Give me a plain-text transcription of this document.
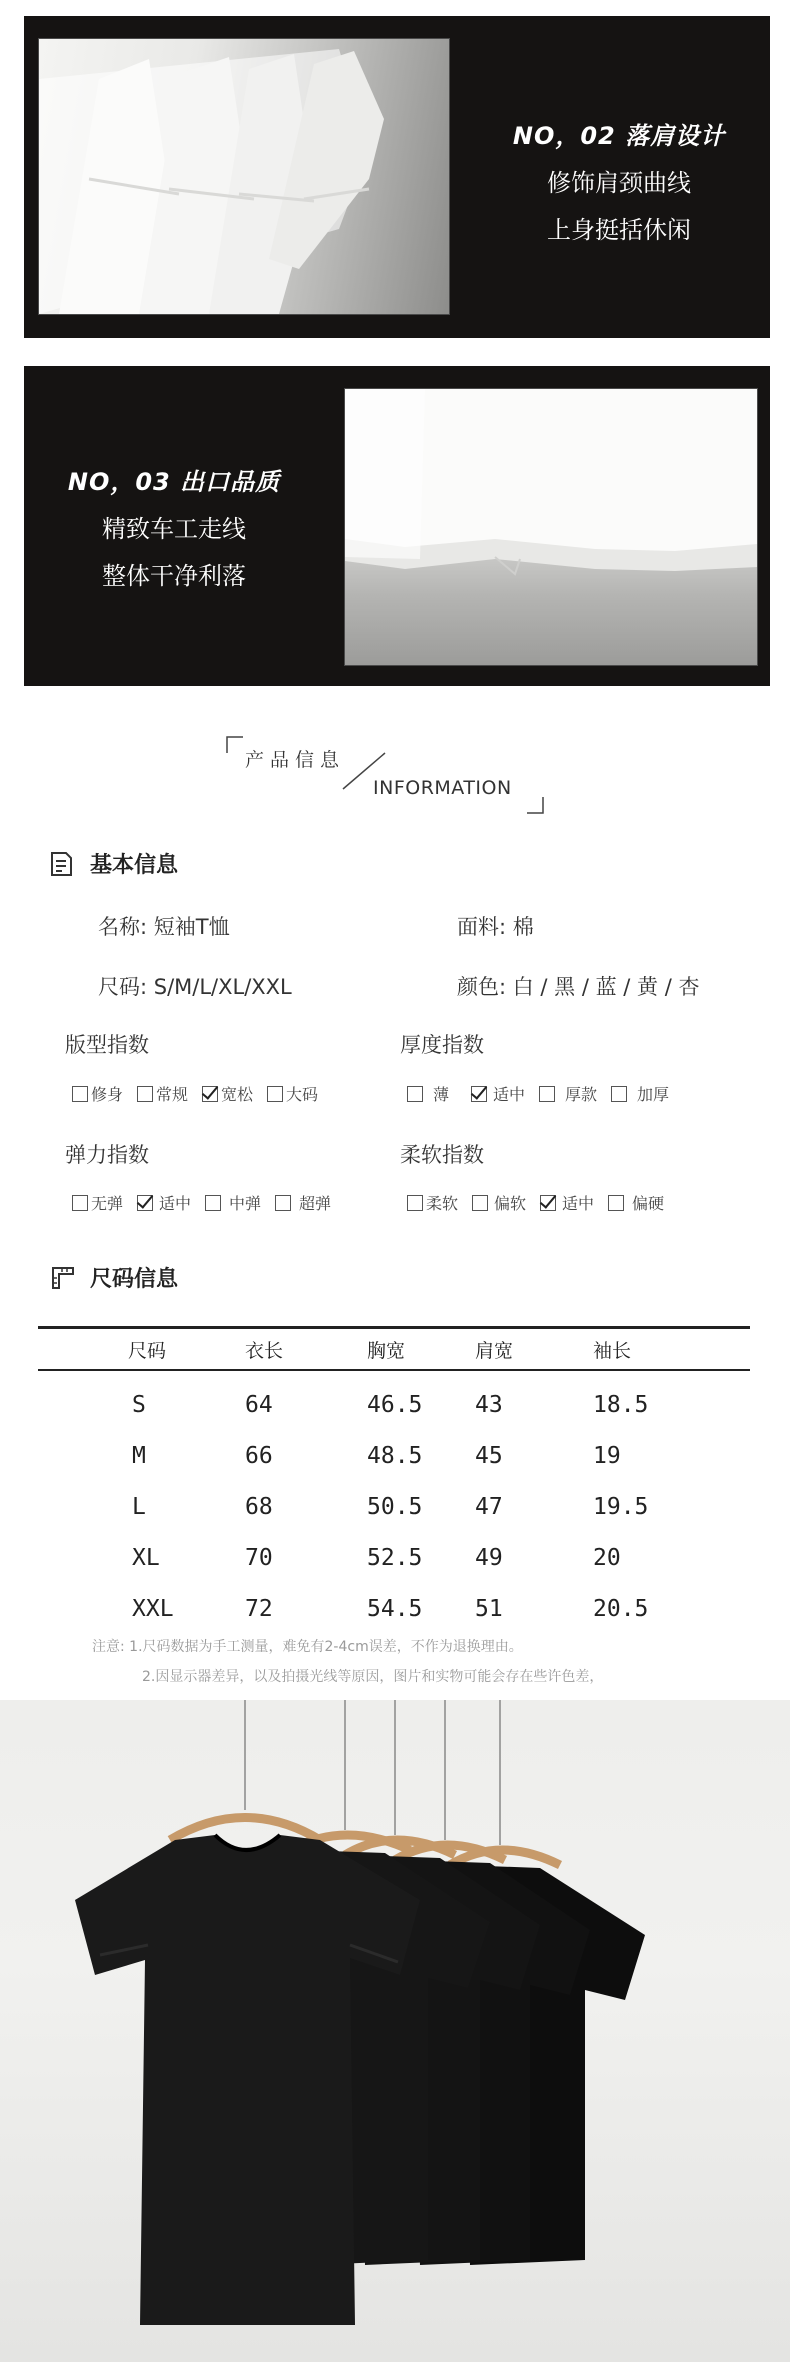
NO，02 落肩设计
修饰肩颈曲线
上身挺括休闲
NO，03 出口品质
精致车工走线
整体干净利落
产品信息
INFORMATION
基本信息
名称: 短袖T恤	面料: 棉
尺码: S/M/L/XL/XXL	颜色: 白 / 黑 / 蓝 / 黄 / 杏
版型指数
修身 常规 宽松 大码
厚度指数
薄	适中	厚款	加厚
弹力指数
无弹 适中 中弹 超弹
柔软指数
柔软 偏软 适中 偏硬
尺码信息
尺码	衣长	胸宽	肩宽	袖长
S	64	46.5	43	18.5
M	66	48.5	45	19
L	68	50.5	47	19.5
XL	70	52.5	49	20
XXL	72	54.5	51	20.5
注意: 1.尺码数据为手工测量，难免有2-4cm误差，不作为退换理由。
2.因显示器差异，以及拍摄光线等原因，图片和实物可能会存在些许色差，
